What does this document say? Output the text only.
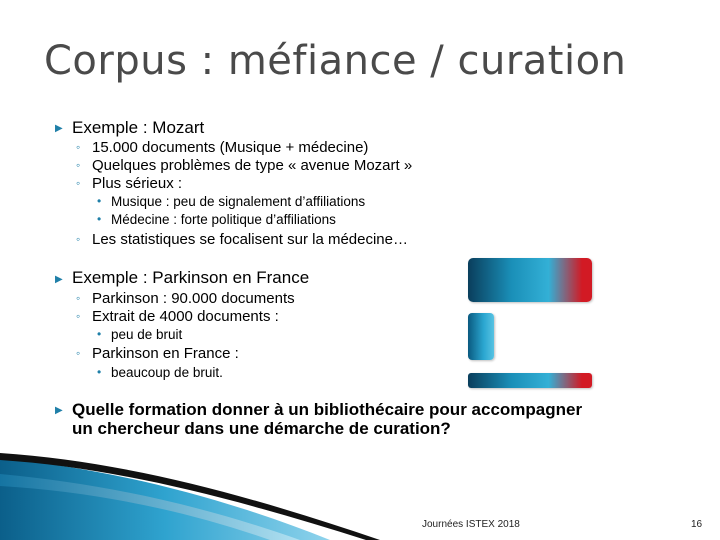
Corpus : méfiance / curation
▶ Exemple : Mozart
◦ 15.000 documents (Musique + médecine)
◦ Quelques problèmes de type « avenue Mozart »
◦ Plus sérieux :
• Musique : peu de signalement d’affiliations
• Médecine : forte politique d’affiliations
◦ Les statistiques se focalisent sur la médecine…
▶ Exemple : Parkinson en France
◦ Parkinson : 90.000 documents
◦ Extrait de 4000 documents :
• peu de bruit
◦ Parkinson en France :
• beaucoup de bruit.
▶ Quelle formation donner à un bibliothécaire pour accompagner
un chercheur dans une démarche de curation?
Journées ISTEX 2018	16
